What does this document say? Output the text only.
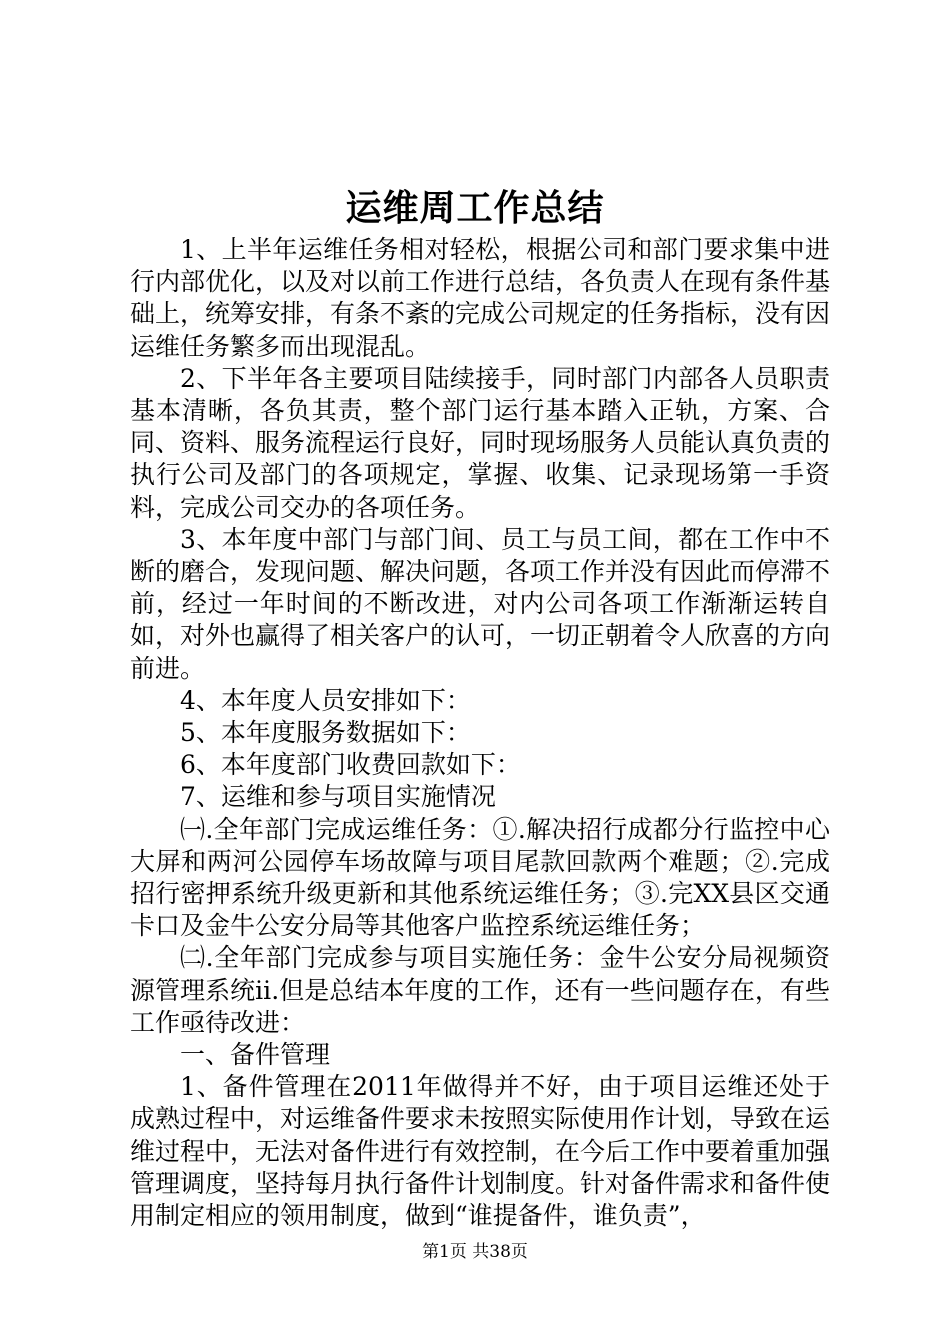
运维周工作总结

1、上半年运维任务相对轻松，根据公司和部门要求集中进行内部优化，以及对以前工作进行总结，各负责人在现有条件基础上，统筹安排，有条不紊的完成公司规定的任务指标，没有因运维任务繁多而出现混乱。

2、下半年各主要项目陆续接手，同时部门内部各人员职责基本清晰，各负其责，整个部门运行基本踏入正轨，方案、合同、资料、服务流程运行良好，同时现场服务人员能认真负责的执行公司及部门的各项规定，掌握、收集、记录现场第一手资料，完成公司交办的各项任务。

3、本年度中部门与部门间、员工与员工间，都在工作中不断的磨合，发现问题、解决问题，各项工作并没有因此而停滞不前，经过一年时间的不断改进，对内公司各项工作渐渐运转自如，对外也赢得了相关客户的认可，一切正朝着令人欣喜的方向前进。

4、本年度人员安排如下：

5、本年度服务数据如下：

6、本年度部门收费回款如下：

7、运维和参与项目实施情况

㈠.全年部门完成运维任务：①.解决招行成都分行监控中心大屏和两河公园停车场故障与项目尾款回款两个难题；②.完成招行密押系统升级更新和其他系统运维任务；③.完XX县区交通卡口及金牛公安分局等其他客户监控系统运维任务；

㈡.全年部门完成参与项目实施任务：金牛公安分局视频资源管理系统ⅱ.但是总结本年度的工作，还有一些问题存在，有些工作亟待改进：

一、备件管理

1、备件管理在2011年做得并不好，由于项目运维还处于成熟过程中，对运维备件要求未按照实际使用作计划，导致在运维过程中，无法对备件进行有效控制，在今后工作中要着重加强管理调度，坚持每月执行备件计划制度。针对备件需求和备件使用制定相应的领用制度，做到“谁提备件，谁负责”，

第1页 共38页
